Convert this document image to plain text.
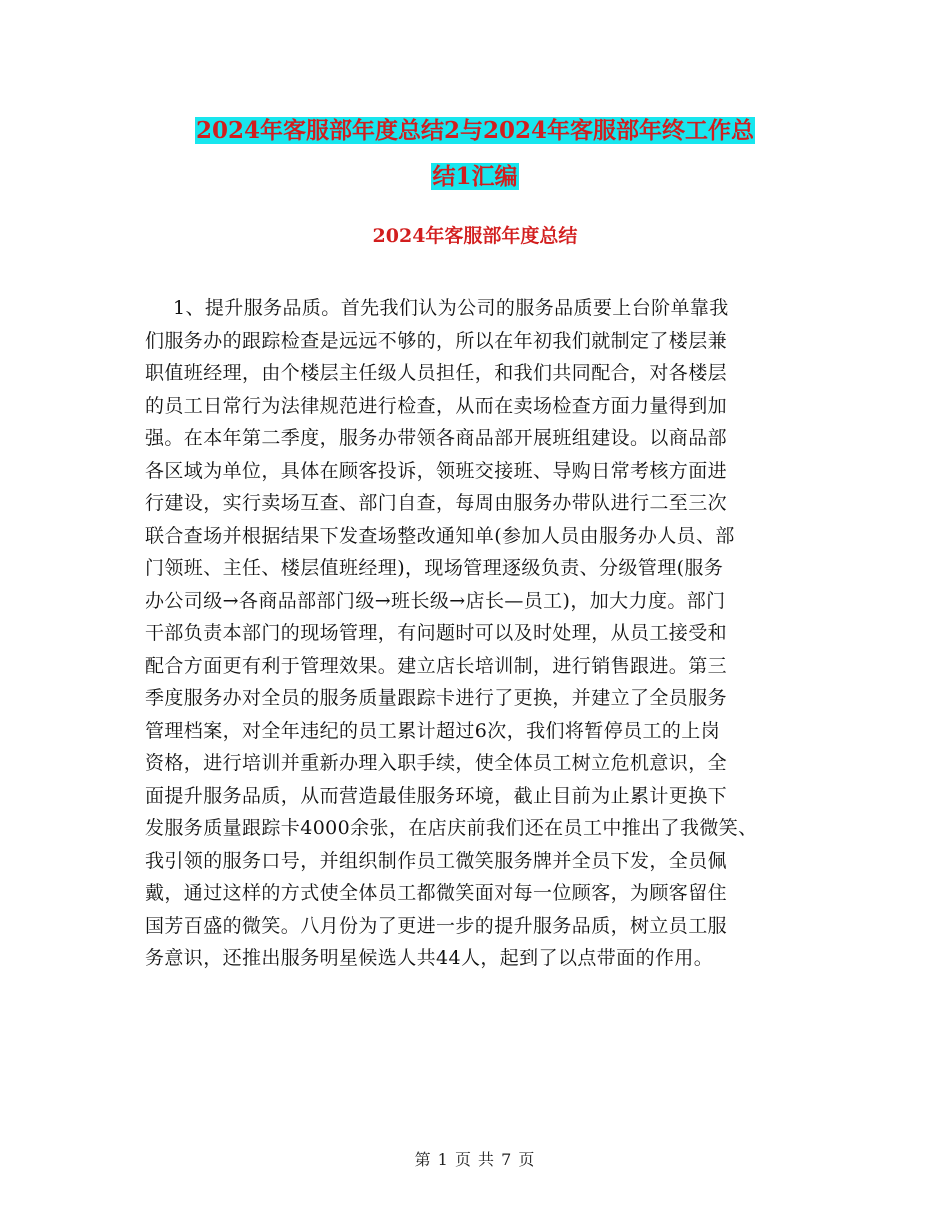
2024年客服部年度总结2与2024年客服部年终工作总
结1汇编
2024年客服部年度总结
1、提升服务品质。首先我们认为公司的服务品质要上台阶单靠我
们服务办的跟踪检查是远远不够的，所以在年初我们就制定了楼层兼
职值班经理，由个楼层主任级人员担任，和我们共同配合，对各楼层
的员工日常行为法律规范进行检查，从而在卖场检查方面力量得到加
强。在本年第二季度，服务办带领各商品部开展班组建设。以商品部
各区域为单位，具体在顾客投诉，领班交接班、导购日常考核方面进
行建设，实行卖场互查、部门自查，每周由服务办带队进行二至三次
联合查场并根据结果下发查场整改通知单(参加人员由服务办人员、部
门领班、主任、楼层值班经理)，现场管理逐级负责、分级管理(服务
办公司级→各商品部部门级→班长级→店长—员工)，加大力度。部门
干部负责本部门的现场管理，有问题时可以及时处理，从员工接受和
配合方面更有利于管理效果。建立店长培训制，进行销售跟进。第三
季度服务办对全员的服务质量跟踪卡进行了更换，并建立了全员服务
管理档案，对全年违纪的员工累计超过6次，我们将暂停员工的上岗
资格，进行培训并重新办理入职手续，使全体员工树立危机意识，全
面提升服务品质，从而营造最佳服务环境，截止目前为止累计更换下
发服务质量跟踪卡4000余张，在店庆前我们还在员工中推出了我微笑、
我引领的服务口号，并组织制作员工微笑服务牌并全员下发，全员佩
戴，通过这样的方式使全体员工都微笑面对每一位顾客，为顾客留住
国芳百盛的微笑。八月份为了更进一步的提升服务品质，树立员工服
务意识，还推出服务明星候选人共44人，起到了以点带面的作用。
第 1 页 共 7 页
